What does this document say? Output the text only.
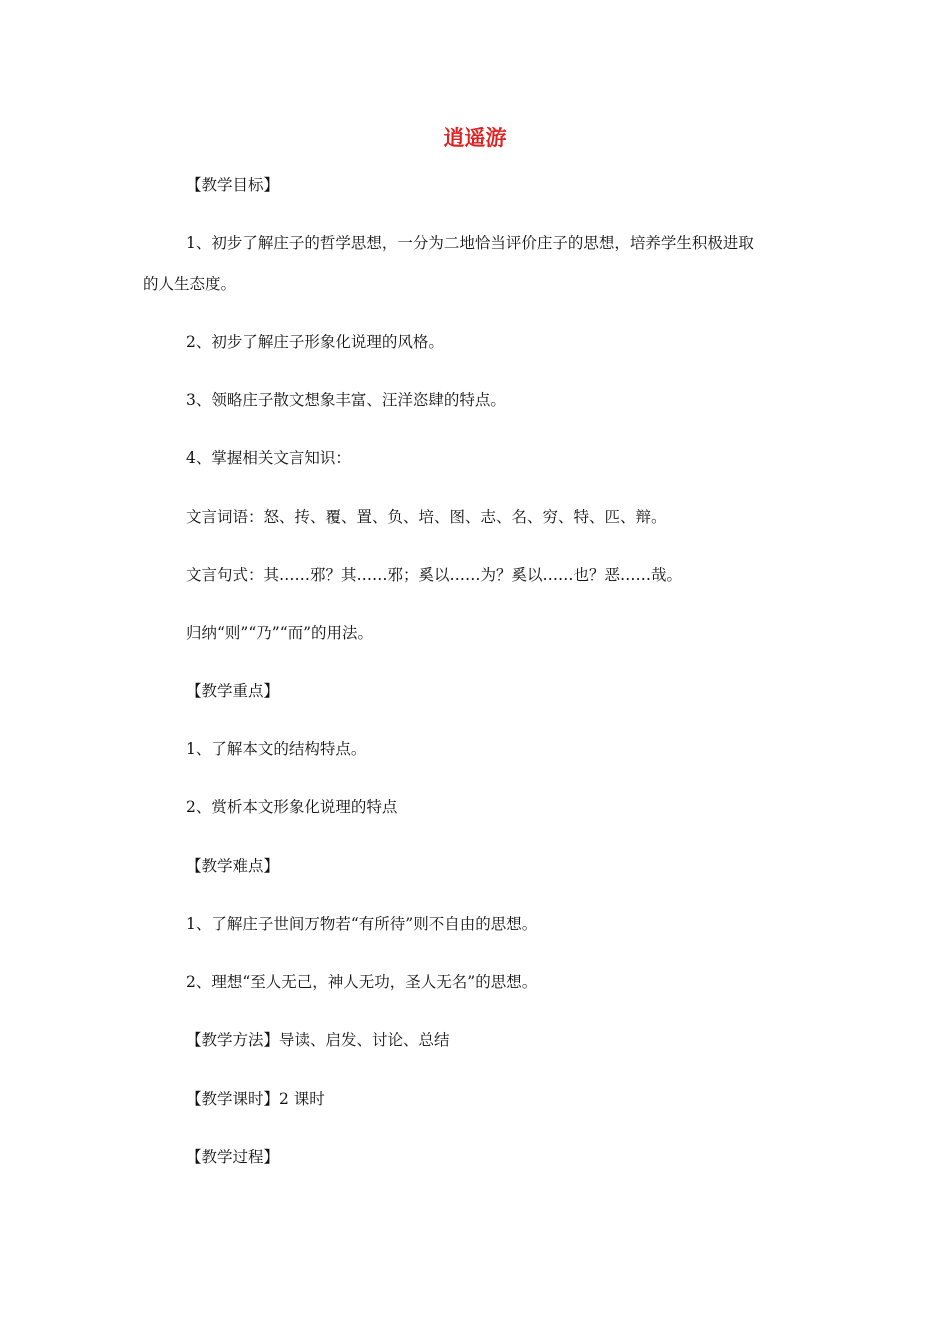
逍遥游
【教学目标】
1、初步了解庄子的哲学思想，一分为二地恰当评价庄子的思想，培养学生积极进取
的人生态度。
2、初步了解庄子形象化说理的风格。
3、领略庄子散文想象丰富、汪洋恣肆的特点。
4、掌握相关文言知识：
文言词语：怒、抟、覆、置、负、培、图、志、名、穷、特、匹、辩。
文言句式：其……邪？其……邪；奚以……为？奚以……也？恶……哉。
归纳“则”“乃”“而”的用法。
【教学重点】
1、了解本文的结构特点。
2、赏析本文形象化说理的特点
【教学难点】
1、了解庄子世间万物若“有所待”则不自由的思想。
2、理想“至人无己，神人无功，圣人无名”的思想。
【教学方法】导读、启发、讨论、总结
【教学课时】2 课时
【教学过程】
